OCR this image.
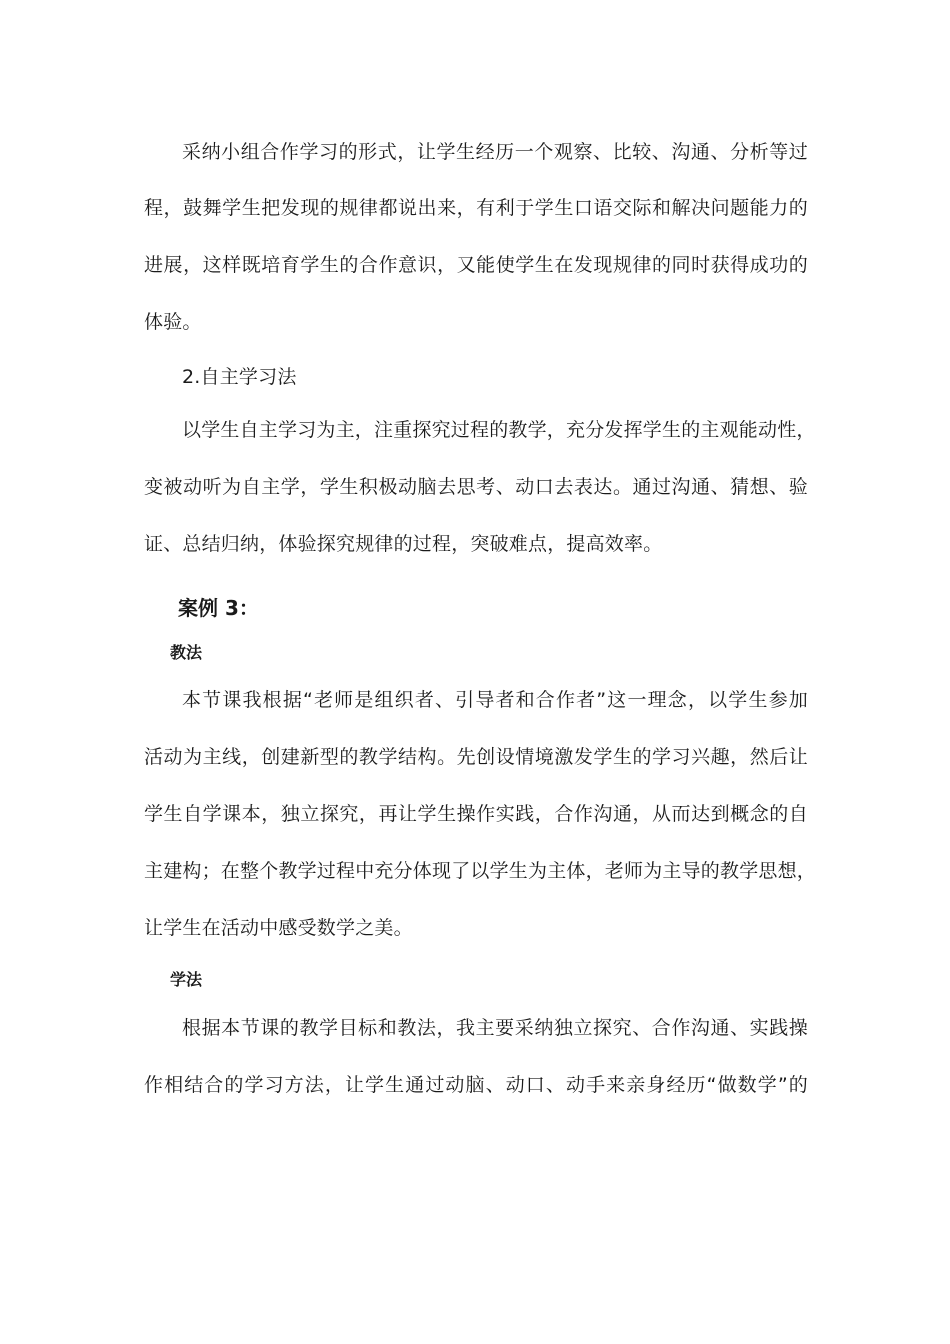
采纳小组合作学习的形式，让学生经历一个观察、比较、沟通、分析等过
程，鼓舞学生把发现的规律都说出来，有利于学生口语交际和解决问题能力的
进展，这样既培育学生的合作意识，又能使学生在发现规律的同时获得成功的
体验。
2.自主学习法
以学生自主学习为主，注重探究过程的教学，充分发挥学生的主观能动性，
变被动听为自主学，学生积极动脑去思考、动口去表达。通过沟通、猜想、验
证、总结归纳，体验探究规律的过程，突破难点，提高效率。
案例 3：
教法
本节课我根据“老师是组织者、引导者和合作者”这一理念，以学生参加
活动为主线，创建新型的教学结构。先创设情境激发学生的学习兴趣，然后让
学生自学课本，独立探究，再让学生操作实践，合作沟通，从而达到概念的自
主建构；在整个教学过程中充分体现了以学生为主体，老师为主导的教学思想，
让学生在活动中感受数学之美。
学法
根据本节课的教学目标和教法，我主要采纳独立探究、合作沟通、实践操
作相结合的学习方法，让学生通过动脑、动口、动手来亲身经历“做数学”的
